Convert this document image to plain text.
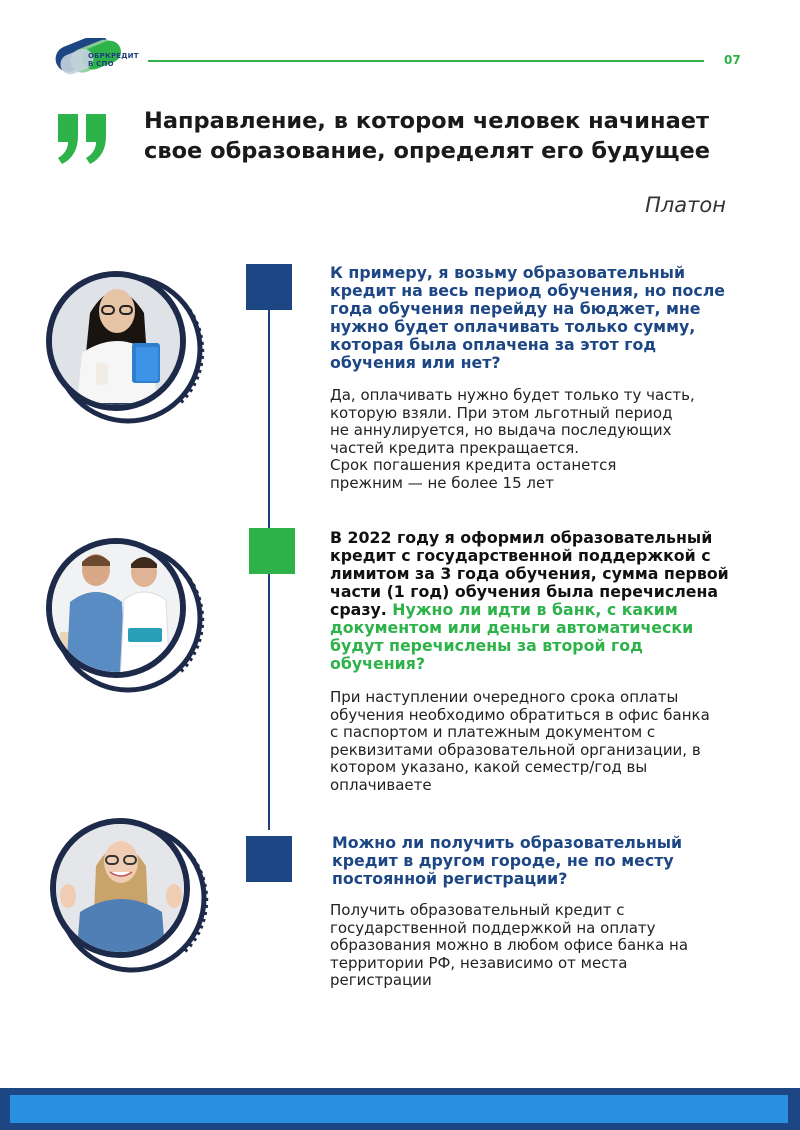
ОБРКРЕДИТ
В СПО	07
Направление, в котором человек начинает
свое образование, определят его будущее
Платон
К примеру, я возьму образовательный
кредит на весь период обучения, но после
года обучения перейду на бюджет, мне
нужно будет оплачивать только сумму,
которая была оплачена за этот год
обучения или нет?
Да, оплачивать нужно будет только ту часть,
которую взяли. При этом льготный период
не аннулируется, но выдача последующих
частей кредита прекращается.
Срок погашения кредита останется
прежним — не более 15 лет
В 2022 году я оформил образовательный
кредит с государственной поддержкой с
лимитом за 3 года обучения, сумма первой
части (1 год) обучения была перечислена
сразу. Нужно ли идти в банк, с каким
документом или деньги автоматически
будут перечислены за второй год
обучения?
При наступлении очередного срока оплаты
обучения необходимо обратиться в офис банка
с паспортом и платежным документом с
реквизитами образовательной организации, в
котором указано, какой семестр/год вы
оплачиваете
Можно ли получить образовательный
кредит в другом городе, не по месту
постоянной регистрации?
Получить образовательный кредит с
государственной поддержкой на оплату
образования можно в любом офисе банка на
территории РФ, независимо от места
регистрации
